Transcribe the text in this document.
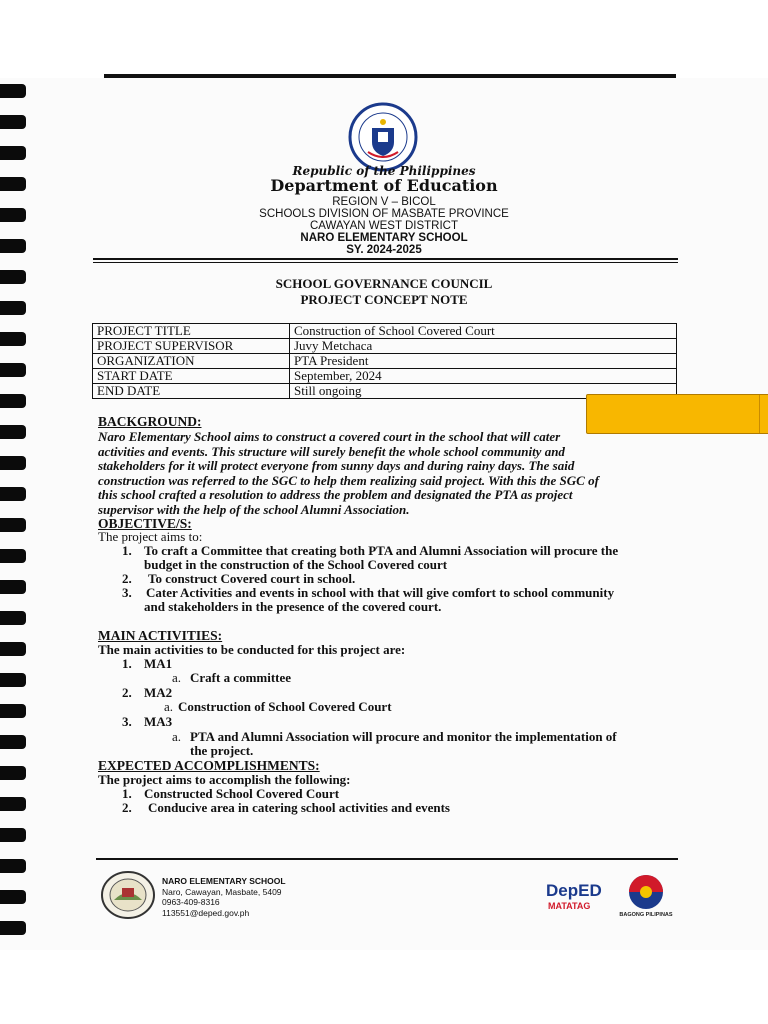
Republic of the Philippines
Department of Education
REGION V – BICOL
SCHOOLS DIVISION OF MASBATE PROVINCE
CAWAYAN WEST DISTRICT
NARO ELEMENTARY SCHOOL
SY. 2024-2025
SCHOOL GOVERNANCE COUNCIL
PROJECT CONCEPT NOTE
PROJECT TITLE	Construction of School Covered Court
PROJECT SUPERVISOR	Juvy Metchaca
ORGANIZATION	PTA President
START DATE	September, 2024
END DATE	Still ongoing
BACKGROUND:
Naro Elementary School aims to construct a covered court in the school that will cater
activities and events. This structure will surely benefit the whole school community and
stakeholders for it will protect everyone from sunny days and during rainy days. The said
construction was referred to the SGC to help them realizing said project. With this the SGC of
this school crafted a resolution to address the problem and designated the PTA as project
supervisor with the help of the school Alumni Association.
OBJECTIVE/S:
The project aims to:
1. To craft a Committee that creating both PTA and Alumni Association will procure the
budget in the construction of the School Covered court
2. To construct Covered court in school.
3. Cater Activities and events in school with that will give comfort to school community
and stakeholders in the presence of the covered court.
MAIN ACTIVITIES:
The main activities to be conducted for this project are:
1. MA1
a. Craft a committee
2. MA2
a. Construction of School Covered Court
3. MA3
a. PTA and Alumni Association will procure and monitor the implementation of
the project.
EXPECTED ACCOMPLISHMENTS:
The project aims to accomplish the following:
1. Constructed School Covered Court
2. Conducive area in catering school activities and events
NARO ELEMENTARY SCHOOL
Naro, Cawayan, Masbate, 5409
0963-409-8316
113551@deped.gov.ph
DepED
MATATAG
BAGONG PILIPINAS
